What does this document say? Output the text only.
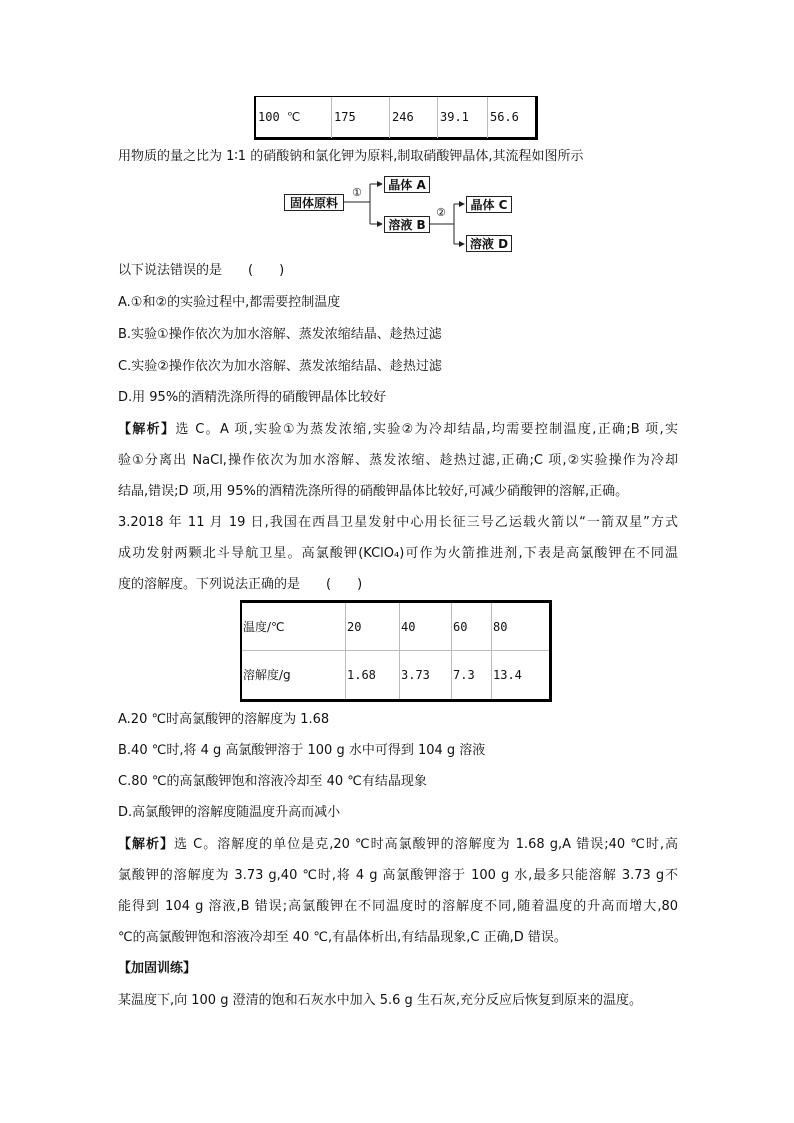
100 ℃	175	246	39.1	56.6
用物质的量之比为 1∶1 的硝酸钠和氯化钾为原料,制取硝酸钾晶体,其流程如图所示
固体原料
①
晶体 A
溶液 B
②
晶体 C
溶液 D
以下说法错误的是　　(　　)
A.①和②的实验过程中,都需要控制温度
B.实验①操作依次为加水溶解、蒸发浓缩结晶、趁热过滤
C.实验②操作依次为加水溶解、蒸发浓缩结晶、趁热过滤
D.用 95%的酒精洗涤所得的硝酸钾晶体比较好
【解析】选 C。A 项,实验①为蒸发浓缩,实验②为冷却结晶,均需要控制温度,正确;B 项,实
验①分离出 NaCl,操作依次为加水溶解、蒸发浓缩、趁热过滤,正确;C 项,②实验操作为冷却
结晶,错误;D 项,用 95%的酒精洗涤所得的硝酸钾晶体比较好,可减少硝酸钾的溶解,正确。
3.2018 年 11 月 19 日,我国在西昌卫星发射中心用长征三号乙运载火箭以“一箭双星”方式
成功发射两颗北斗导航卫星。高氯酸钾(KClO₄)可作为火箭推进剂,下表是高氯酸钾在不同温
度的溶解度。下列说法正确的是　　(　　)
温度/℃	20	40	60	80
溶解度/g	1.68	3.73	7.3	13.4
A.20 ℃时高氯酸钾的溶解度为 1.68
B.40 ℃时,将 4 g 高氯酸钾溶于 100 g 水中可得到 104 g 溶液
C.80 ℃的高氯酸钾饱和溶液冷却至 40 ℃有结晶现象
D.高氯酸钾的溶解度随温度升高而减小
【解析】选 C。溶解度的单位是克,20 ℃时高氯酸钾的溶解度为 1.68 g,A 错误;40 ℃时,高
氯酸钾的溶解度为 3.73 g,40 ℃时,将 4 g 高氯酸钾溶于 100 g 水,最多只能溶解 3.73 g不
能得到 104 g 溶液,B 错误;高氯酸钾在不同温度时的溶解度不同,随着温度的升高而增大,80
℃的高氯酸钾饱和溶液冷却至 40 ℃,有晶体析出,有结晶现象,C 正确,D 错误。
【加固训练】
某温度下,向 100 g 澄清的饱和石灰水中加入 5.6 g 生石灰,充分反应后恢复到原来的温度。
